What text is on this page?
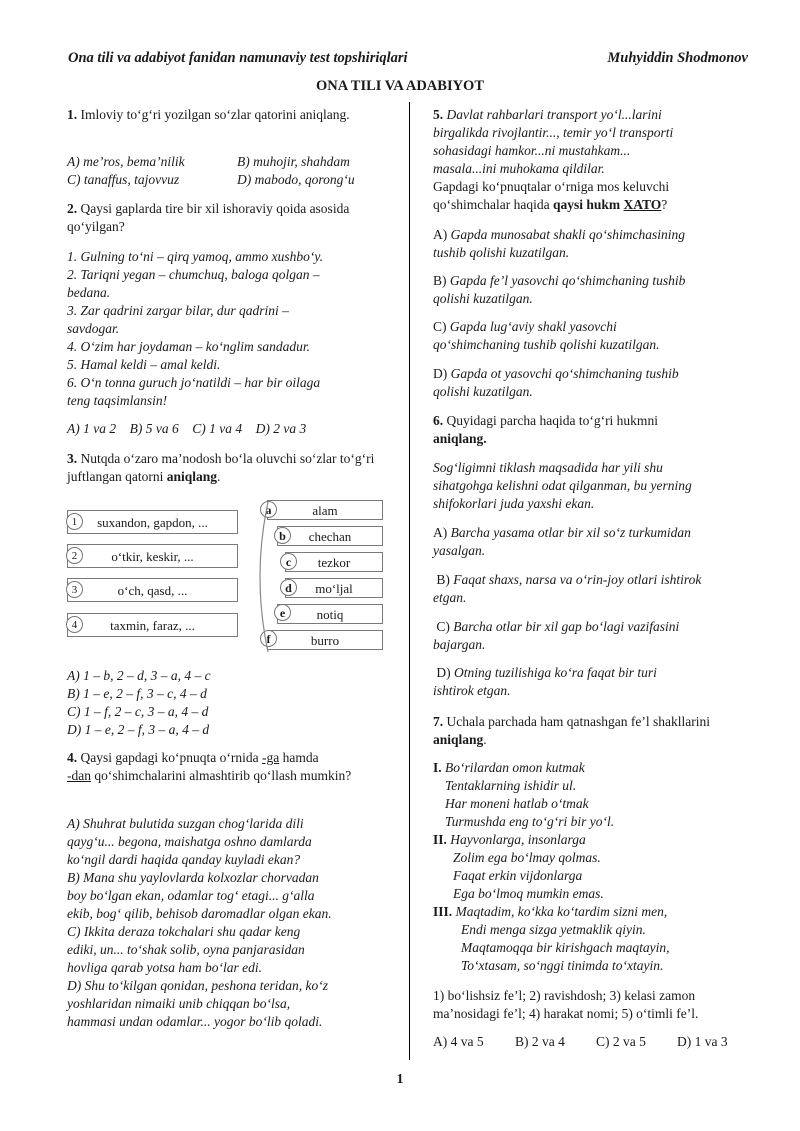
Ona tili va adabiyot fanidan namunaviy test topshiriqlari	Muhyiddin Shodmonov
ONA TILI VA ADABIYOT

1. Imloviy toʻgʻri yozilgan soʻzlar qatorini aniqlang.

A) meʼros, bemaʼnilik	B) muhojir, shahdam
C) tanaffus, tajovvuz	D) mabodo, qorongʻu

2. Qaysi gaplarda tire bir xil ishoraviy qoida asosida qoʻyilgan?

1. Gulning toʻni – qirq yamoq, ammo xushboʻy.
2. Tariqni yegan – chumchuq, baloga qolgan –
bedana.
3. Zar qadrini zargar bilar, dur qadrini –
savdogar.
4. Oʻzim har joydaman – koʻnglim sandadur.
5. Hamal keldi – amal keldi.
6. Oʻn tonna guruch joʻnatildi – har bir oilaga
teng taqsimlansin!
A) 1 va 2    B) 5 va 6    C) 1 va 4    D) 2 va 3

3. Nutqda oʻzaro maʼnodosh boʻla oluvchi soʻzlar toʻgʻri juftlangan qatorni aniqlang.

suxandon, gapdon, ...
1
oʻtkir, keskir, ...
2
oʻch, qasd, ...
3
taxmin, faraz, ...
4
alam
a
chechan
b
tezkor
c
moʻljal
d
notiq
e
burro
f
A) 1 – b, 2 – d, 3 – a, 4 – c
B) 1 – e, 2 – f, 3 – c, 4 – d
C) 1 – f, 2 – c, 3 – a, 4 – d
D) 1 – e, 2 – f, 3 – a, 4 – d

4. Qaysi gapdagi koʻpnuqta oʻrnida -ga hamda
-dan qoʻshimchalarini almashtirib qoʻllash mumkin?

A) Shuhrat bulutida suzgan chogʻlarida dili
qaygʻu... begona, maishatga oshno damlarda
koʻngil dardi haqida qanday kuyladi ekan?
B) Mana shu yaylovlarda kolxozlar chorvadan
boy boʻlgan ekan, odamlar togʻ etagi... gʻalla
ekib, bogʻ qilib, behisob daromadlar olgan ekan.
C) Ikkita deraza tokchalari shu qadar keng
ediki, un... toʻshak solib, oyna panjarasidan
hovliga qarab yotsa ham boʻlar edi.
D) Shu toʻkilgan qonidan, peshona teridan, koʻz
yoshlaridan nimaiki unib chiqqan boʻlsa,
hammasi undan odamlar... yogor boʻlib qoladi.
5. Davlat rahbarlari transport yoʻl...larini
birgalikda rivojlantir..., temir yoʻl transporti
sohasidagi hamkor...ni mustahkam...
masala...ini muhokama qildilar.
Gapdagi koʻpnuqtalar oʻrniga mos keluvchi
qoʻshimchalar haqida qaysi hukm XATO?
A) Gapda munosabat shakli qoʻshimchasining
tushib qolishi kuzatilgan.
B) Gapda feʼl yasovchi qoʻshimchaning tushib
qolishi kuzatilgan.
C) Gapda lugʻaviy shakl yasovchi
qoʻshimchaning tushib qolishi kuzatilgan.
D) Gapda ot yasovchi qoʻshimchaning tushib
qolishi kuzatilgan.
6. Quyidagi parcha haqida toʻgʻri hukmni
aniqlang.
Sogʻligimni tiklash maqsadida har yili shu
sihatgohga kelishni odat qilganman, bu yerning
shifokorlari juda yaxshi ekan.
A) Barcha yasama otlar bir xil soʻz turkumidan
yasalgan.
B) Faqat shaxs, narsa va oʻrin-joy otlari ishtirok
etgan.
C) Barcha otlar bir xil gap boʻlagi vazifasini
bajargan.
D) Otning tuzilishiga koʻra faqat bir turi
ishtirok etgan.

7. Uchala parchada ham qatnashgan feʼl shakllarini aniqlang.

I. Boʻrilardan omon kutmak
Tentaklarning ishidir ul.
Har moneni hatlab oʻtmak
Turmushda eng toʻgʻri bir yoʻl.
II. Hayvonlarga, insonlarga
Zolim ega boʻlmay qolmas.
Faqat erkin vijdonlarga
Ega boʻlmoq mumkin emas.
III. Maqtadim, koʻkka koʻtardim sizni men,
Endi menga sizga yetmaklik qiyin.
Maqtamoqqa bir kirishgach maqtayin,
Toʻxtasam, soʻnggi tinimda toʻxtayin.
1) boʻlishsiz feʼl; 2) ravishdosh; 3) kelasi zamon
maʼnosidagi feʼl; 4) harakat nomi; 5) oʻtimli feʼl.
A) 4 va 5	B) 2 va 4	C) 2 va 5	D) 1 va 3
1
